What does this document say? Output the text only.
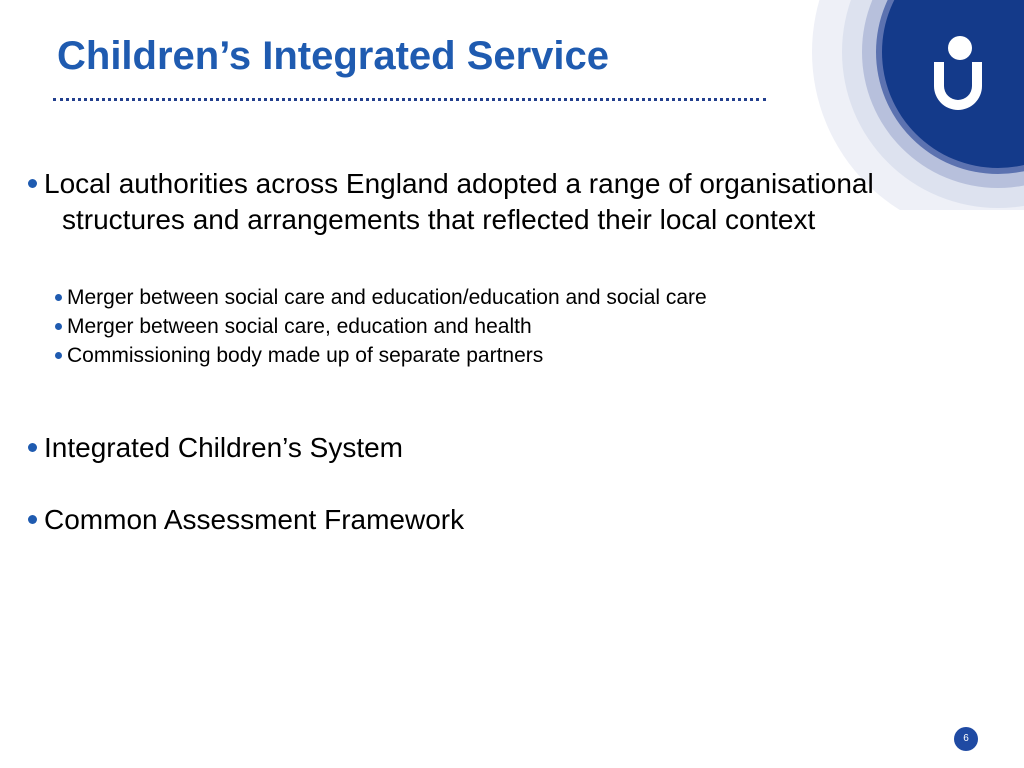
Children’s Integrated Service
Local authorities across England adopted a range of organisational structures and arrangements that reflected their local context
Merger between social care and education/education and social care
Merger between social care, education and health
Commissioning body made up of separate partners
Integrated Children’s System
Common Assessment Framework
6
